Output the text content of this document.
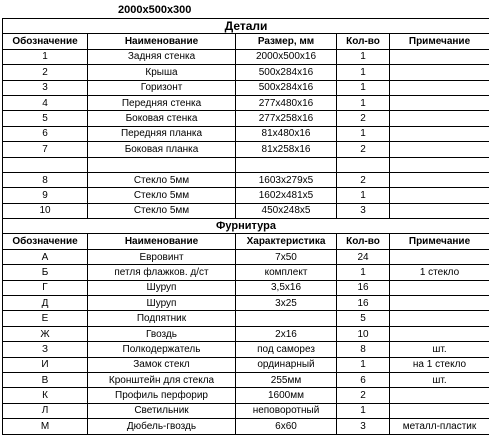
2000x500x300
Детали				
Обозначение	Наименование	Размер, мм	Кол-во	Примечание
1	Задняя стенка	2000x500x16	1	
2	Крыша	500x284x16	1	
3	Горизонт	500x284x16	1	
4	Передняя стенка	277x480x16	1	
5	Боковая стенка	277x258x16	2	
6	Передняя планка	81x480x16	1	
7	Боковая планка	81x258x16	2	

8	Стекло 5мм	1603x279x5	2	
9	Стекло 5мм	1602x481x5	1	
10	Стекло 5мм	450x248x5	3	
Фурнитура				
Обозначение	Наименование	Характеристика	Кол-во	Примечание
А	Евровинт	7x50	24	
Б	петля флажков. д/ст	комплект	1	1 стекло
Г	Шуруп	3,5x16	16	
Д	Шуруп	3x25	16	
Е	Подпятник		5	
Ж	Гвоздь	2x16	10	
З	Полкодержатель	под саморез	8	шт.
И	Замок стекл	ординарный	1	на 1 стекло
В	Кронштейн для стекла	255мм	6	шт.
К	Профиль перфорир	1600мм	2	
Л	Светильник	неповоротный	1	
М	Дюбель-гвоздь	6x60	3	металл-пластик
